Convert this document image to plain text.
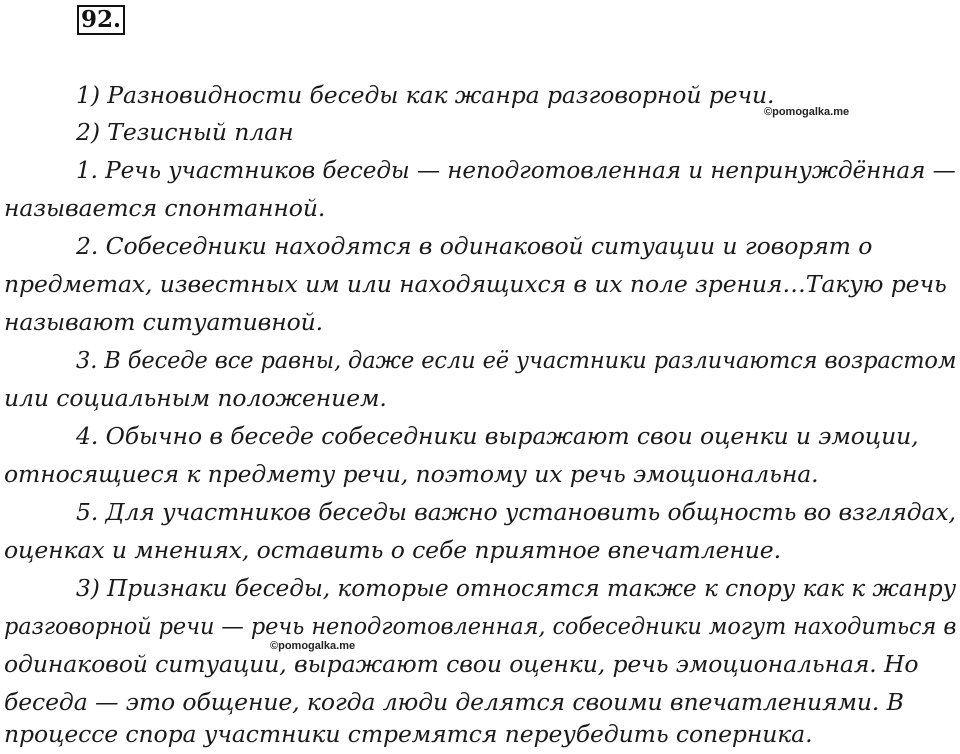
92.
1) Разновидности беседы как жанра разговорной речи.
©pomogalka.me
2) Тезисный план
1. Речь участников беседы — неподготовленная и непринуждённая —
называется спонтанной.
2. Собеседники находятся в одинаковой ситуации и говорят о
предметах, известных им или находящихся в их поле зрения…Такую речь
называют ситуативной.
3. В беседе все равны, даже если её участники различаются возрастом
или социальным положением.
4. Обычно в беседе собеседники выражают свои оценки и эмоции,
относящиеся к предмету речи, поэтому их речь эмоциональна.
5. Для участников беседы важно установить общность во взглядах,
оценках и мнениях, оставить о себе приятное впечатление.
3) Признаки беседы, которые относятся также к спору как к жанру
разговорной речи — речь неподготовленная, собеседники могут находиться в
©pomogalka.me
одинаковой ситуации, выражают свои оценки, речь эмоциональная. Но
беседа — это общение, когда люди делятся своими впечатлениями. В
процессе спора участники стремятся переубедить соперника.
